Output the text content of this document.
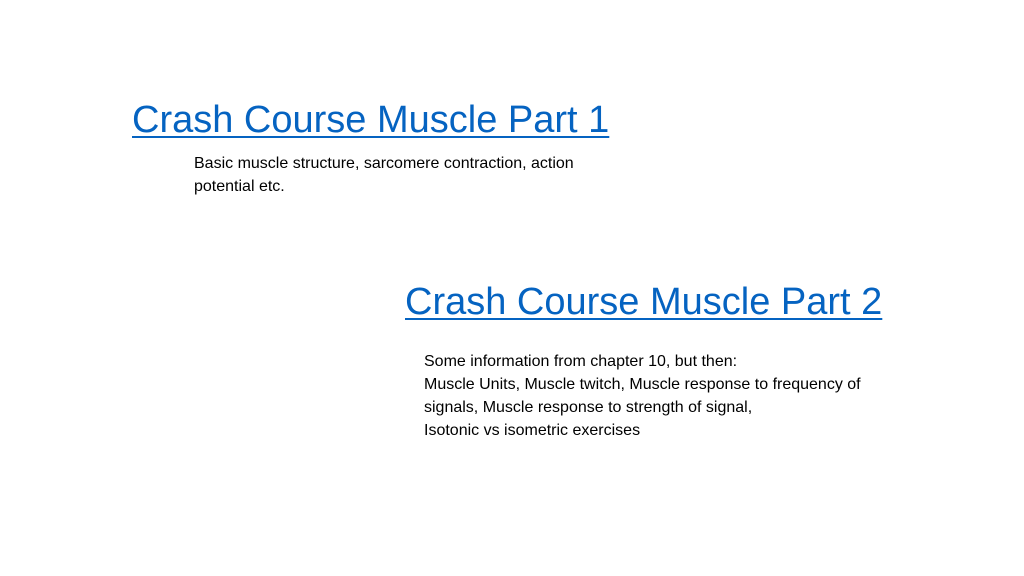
Crash Course Muscle Part 1

Basic muscle structure, sarcomere contraction, action potential etc.

Crash Course Muscle Part 2

Some information from chapter 10, but then:

Muscle Units, Muscle twitch, Muscle response to frequency of signals, Muscle response to strength of signal,

Isotonic vs isometric exercises
